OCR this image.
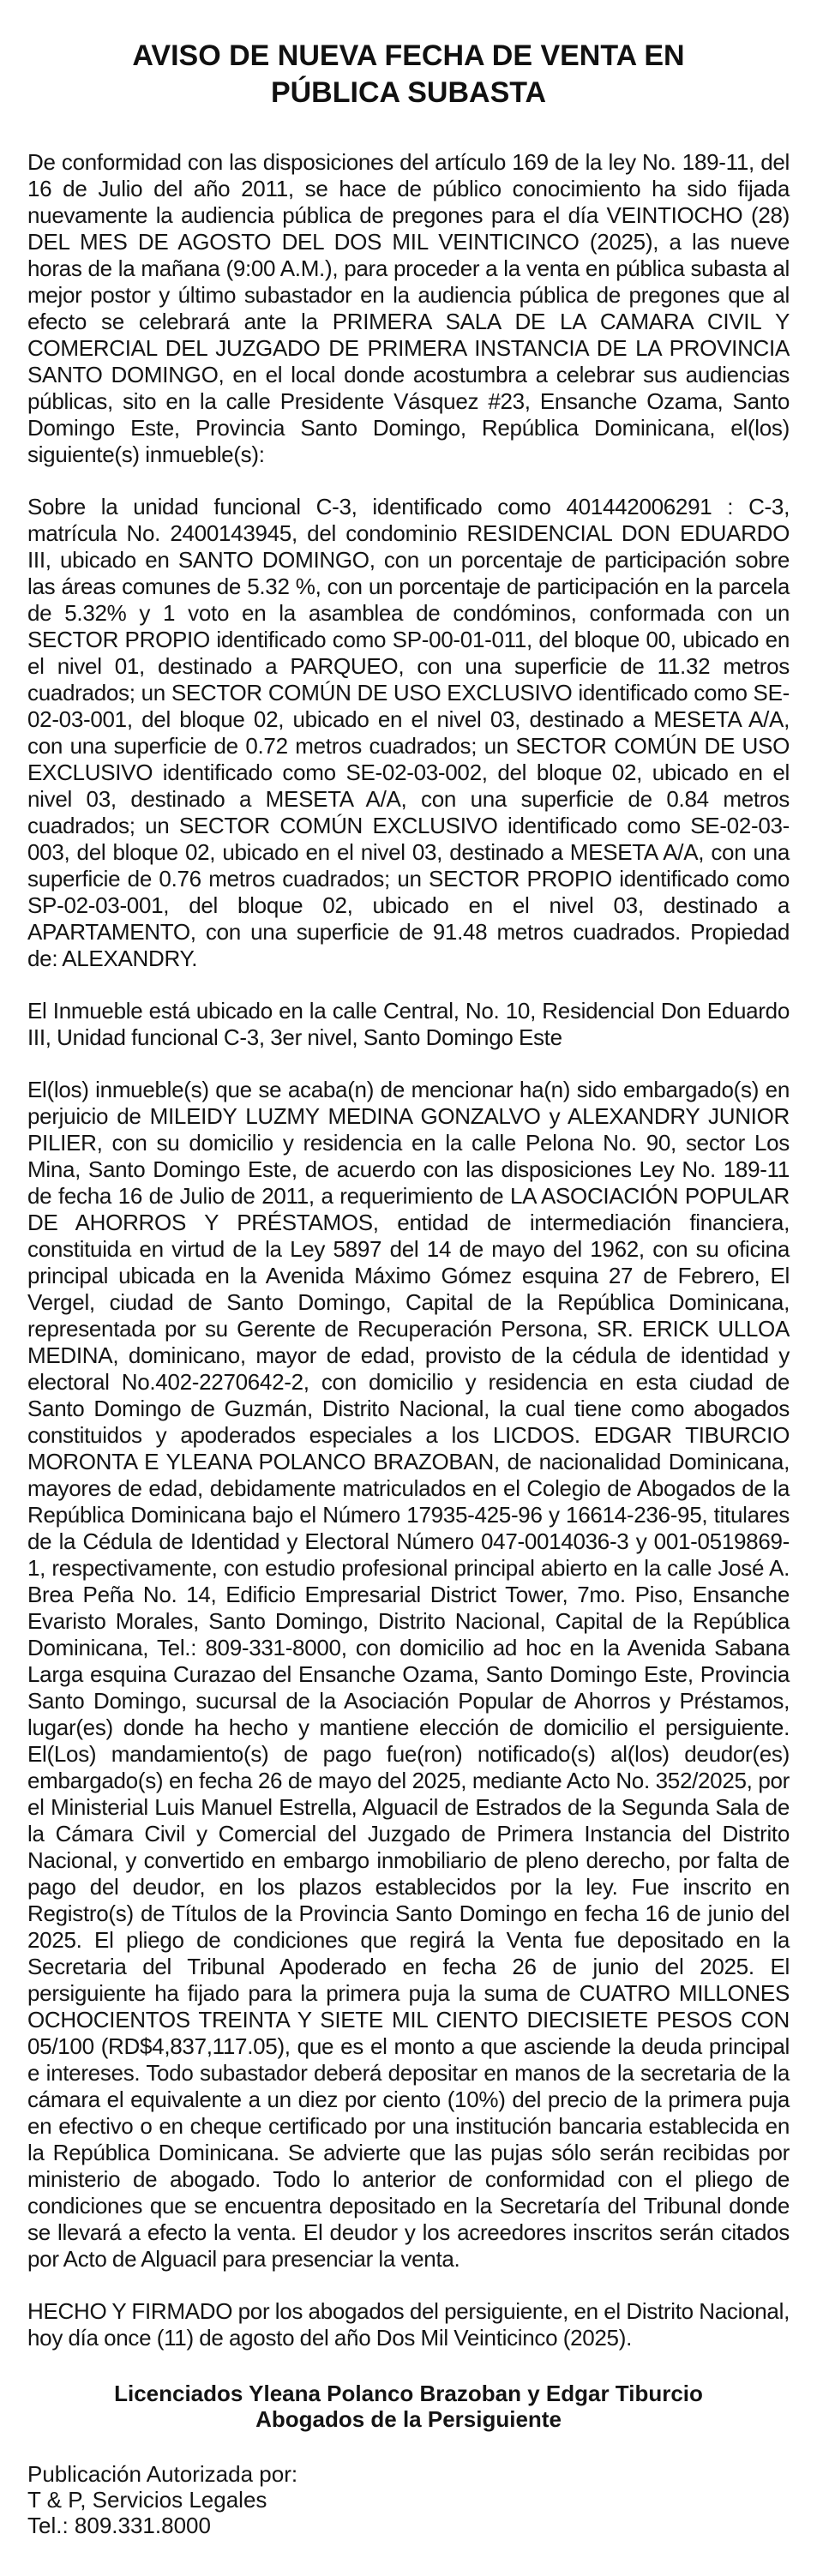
AVISO DE NUEVA FECHA DE VENTA EN
PÚBLICA SUBASTA

De conformidad con las disposiciones del artículo 169 de la ley No. 189-11, del 16 de Julio del año 2011, se hace de público conocimiento ha sido fijada nuevamente la audiencia pública de pregones para el día VEINTIOCHO (28) DEL MES DE AGOSTO DEL DOS MIL VEINTICINCO (2025), a las nueve horas de la mañana (9:00 A.M.), para proceder a la venta en pública subasta al mejor postor y último subastador en la audiencia pública de pregones que al efecto se celebrará ante la PRIMERA SALA DE LA CAMARA CIVIL Y COMERCIAL DEL JUZGADO DE PRIMERA INSTANCIA DE LA PROVINCIA SANTO DOMINGO, en el local donde acostumbra a celebrar sus audiencias públicas, sito en la calle Presidente Vásquez #23, Ensanche Ozama, Santo Domingo Este, Provincia Santo Domingo, República Dominicana, el(los) siguiente(s) inmueble(s):

Sobre la unidad funcional C-3, identificado como 401442006291 : C-3, matrícula No. 2400143945, del condominio RESIDENCIAL DON EDUARDO III, ubicado en SANTO DOMINGO, con un porcentaje de participación sobre las áreas comunes de 5.32 %, con un porcentaje de participación en la parcela de 5.32% y 1 voto en la asamblea de condóminos, conformada con un SECTOR PROPIO identificado como SP-00-01-011, del bloque 00, ubicado en el nivel 01, destinado a PARQUEO, con una superficie de 11.32 metros cuadrados; un SECTOR COMÚN DE USO EXCLUSIVO identificado como SE-02-03-001, del bloque 02, ubicado en el nivel 03, destinado a MESETA A/A, con una superficie de 0.72 metros cuadrados; un SECTOR COMÚN DE USO EXCLUSIVO identificado como SE-02-03-002, del bloque 02, ubicado en el nivel 03, destinado a MESETA A/A, con una superficie de 0.84 metros cuadrados; un SECTOR COMÚN EXCLUSIVO identificado como SE-02-03-003, del bloque 02, ubicado en el nivel 03, destinado a MESETA A/A, con una superficie de 0.76 metros cuadrados; un SECTOR PROPIO identificado como SP-02-03-001, del bloque 02, ubicado en el nivel 03, destinado a APARTAMENTO, con una superficie de 91.48 metros cuadrados. Propiedad de: ALEXANDRY.

El Inmueble está ubicado en la calle Central, No. 10, Residencial Don Eduardo III, Unidad funcional C-3, 3er nivel, Santo Domingo Este

El(los) inmueble(s) que se acaba(n) de mencionar ha(n) sido embargado(s) en perjuicio de MILEIDY LUZMY MEDINA GONZALVO y ALEXANDRY JUNIOR PILIER, con su domicilio y residencia en la calle Pelona No. 90, sector Los Mina, Santo Domingo Este, de acuerdo con las disposiciones Ley No. 189-11 de fecha 16 de Julio de 2011, a requerimiento de LA ASOCIACIÓN POPULAR DE AHORROS Y PRÉSTAMOS, entidad de intermediación financiera, constituida en virtud de la Ley 5897 del 14 de mayo del 1962, con su oficina principal ubicada en la Avenida Máximo Gómez esquina 27 de Febrero, El Vergel, ciudad de Santo Domingo, Capital de la República Dominicana, representada por su Gerente de Recuperación Persona, SR. ERICK ULLOA MEDINA, dominicano, mayor de edad, provisto de la cédula de identidad y electoral No.402-2270642-2, con domicilio y residencia en esta ciudad de Santo Domingo de Guzmán, Distrito Nacional, la cual tiene como abogados constituidos y apoderados especiales a los LICDOS. EDGAR TIBURCIO MORONTA E YLEANA POLANCO BRAZOBAN, de nacionalidad Dominicana, mayores de edad, debidamente matriculados en el Colegio de Abogados de la República Dominicana bajo el Número 17935-425-96 y 16614-236-95, titulares de la Cédula de Identidad y Electoral Número 047-0014036-3 y 001-0519869-1, respectivamente, con estudio profesional principal abierto en la calle José A. Brea Peña No. 14, Edificio Empresarial District Tower, 7mo. Piso, Ensanche Evaristo Morales, Santo Domingo, Distrito Nacional, Capital de la República Dominicana, Tel.: 809-331-8000, con domicilio ad hoc en la Avenida Sabana Larga esquina Curazao del Ensanche Ozama, Santo Domingo Este, Provincia Santo Domingo, sucursal de la Asociación Popular de Ahorros y Préstamos, lugar(es) donde ha hecho y mantiene elección de domicilio el persiguiente. El(Los) mandamiento(s) de pago fue(ron) notificado(s) al(los) deudor(es) embargado(s) en fecha 26 de mayo del 2025, mediante Acto No. 352/2025, por el Ministerial Luis Manuel Estrella, Alguacil de Estrados de la Segunda Sala de la Cámara Civil y Comercial del Juzgado de Primera Instancia del Distrito Nacional, y convertido en embargo inmobiliario de pleno derecho, por falta de pago del deudor, en los plazos establecidos por la ley. Fue inscrito en Registro(s) de Títulos de la Provincia Santo Domingo en fecha 16 de junio del 2025. El pliego de condiciones que regirá la Venta fue depositado en la Secretaria del Tribunal Apoderado en fecha 26 de junio del 2025. El persiguiente ha fijado para la primera puja la suma de CUATRO MILLONES OCHOCIENTOS TREINTA Y SIETE MIL CIENTO DIECISIETE PESOS CON 05/100 (RD$4,837,117.05), que es el monto a que asciende la deuda principal e intereses. Todo subastador deberá depositar en manos de la secretaria de la cámara el equivalente a un diez por ciento (10%) del precio de la primera puja en efectivo o en cheque certificado por una institución bancaria establecida en la República Dominicana. Se advierte que las pujas sólo serán recibidas por ministerio de abogado. Todo lo anterior de conformidad con el pliego de condiciones que se encuentra depositado en la Secretaría del Tribunal donde se llevará a efecto la venta. El deudor y los acreedores inscritos serán citados por Acto de Alguacil para presenciar la venta.

HECHO Y FIRMADO por los abogados del persiguiente, en el Distrito Nacional, hoy día once (11) de agosto del año Dos Mil Veinticinco (2025).

Licenciados Yleana Polanco Brazoban y Edgar Tiburcio
Abogados de la Persiguiente
Publicación Autorizada por:
T & P, Servicios Legales
Tel.: 809.331.8000
